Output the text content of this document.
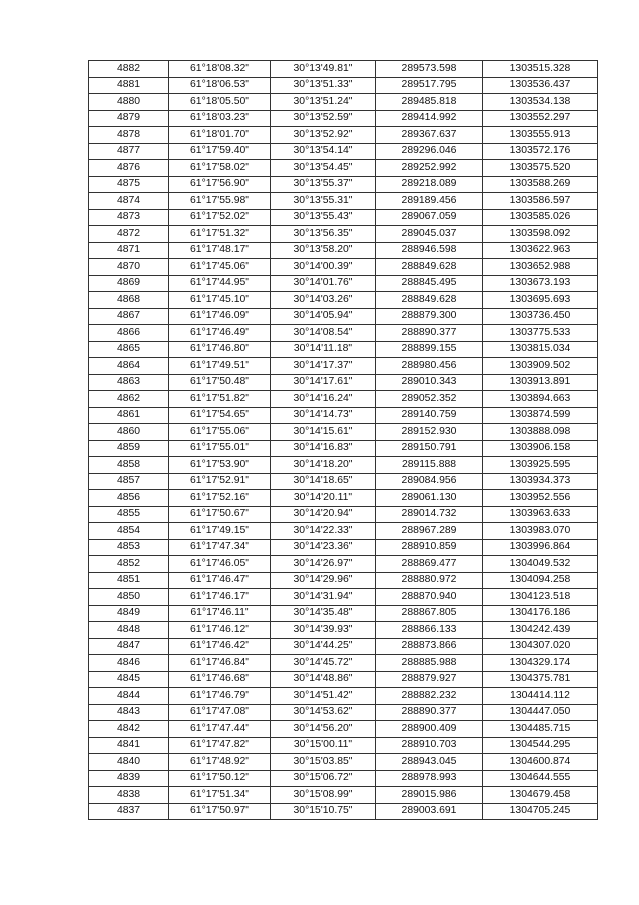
4882	61°18'08.32"	30°13'49.81"	289573.598	1303515.328
4881	61°18'06.53"	30°13'51.33"	289517.795	1303536.437
4880	61°18'05.50"	30°13'51.24"	289485.818	1303534.138
4879	61°18'03.23"	30°13'52.59"	289414.992	1303552.297
4878	61°18'01.70"	30°13'52.92"	289367.637	1303555.913
4877	61°17'59.40"	30°13'54.14"	289296.046	1303572.176
4876	61°17'58.02"	30°13'54.45"	289252.992	1303575.520
4875	61°17'56.90"	30°13'55.37"	289218.089	1303588.269
4874	61°17'55.98"	30°13'55.31"	289189.456	1303586.597
4873	61°17'52.02"	30°13'55.43"	289067.059	1303585.026
4872	61°17'51.32"	30°13'56.35"	289045.037	1303598.092
4871	61°17'48.17"	30°13'58.20"	288946.598	1303622.963
4870	61°17'45.06"	30°14'00.39"	288849.628	1303652.988
4869	61°17'44.95"	30°14'01.76"	288845.495	1303673.193
4868	61°17'45.10"	30°14'03.26"	288849.628	1303695.693
4867	61°17'46.09"	30°14'05.94"	288879.300	1303736.450
4866	61°17'46.49"	30°14'08.54"	288890.377	1303775.533
4865	61°17'46.80"	30°14'11.18"	288899.155	1303815.034
4864	61°17'49.51"	30°14'17.37"	288980.456	1303909.502
4863	61°17'50.48"	30°14'17.61"	289010.343	1303913.891
4862	61°17'51.82"	30°14'16.24"	289052.352	1303894.663
4861	61°17'54.65"	30°14'14.73"	289140.759	1303874.599
4860	61°17'55.06"	30°14'15.61"	289152.930	1303888.098
4859	61°17'55.01"	30°14'16.83"	289150.791	1303906.158
4858	61°17'53.90"	30°14'18.20"	289115.888	1303925.595
4857	61°17'52.91"	30°14'18.65"	289084.956	1303934.373
4856	61°17'52.16"	30°14'20.11"	289061.130	1303952.556
4855	61°17'50.67"	30°14'20.94"	289014.732	1303963.633
4854	61°17'49.15"	30°14'22.33"	288967.289	1303983.070
4853	61°17'47.34"	30°14'23.36"	288910.859	1303996.864
4852	61°17'46.05"	30°14'26.97"	288869.477	1304049.532
4851	61°17'46.47"	30°14'29.96"	288880.972	1304094.258
4850	61°17'46.17"	30°14'31.94"	288870.940	1304123.518
4849	61°17'46.11"	30°14'35.48"	288867.805	1304176.186
4848	61°17'46.12"	30°14'39.93"	288866.133	1304242.439
4847	61°17'46.42"	30°14'44.25"	288873.866	1304307.020
4846	61°17'46.84"	30°14'45.72"	288885.988	1304329.174
4845	61°17'46.68"	30°14'48.86"	288879.927	1304375.781
4844	61°17'46.79"	30°14'51.42"	288882.232	1304414.112
4843	61°17'47.08"	30°14'53.62"	288890.377	1304447.050
4842	61°17'47.44"	30°14'56.20"	288900.409	1304485.715
4841	61°17'47.82"	30°15'00.11"	288910.703	1304544.295
4840	61°17'48.92"	30°15'03.85"	288943.045	1304600.874
4839	61°17'50.12"	30°15'06.72"	288978.993	1304644.555
4838	61°17'51.34"	30°15'08.99"	289015.986	1304679.458
4837	61°17'50.97"	30°15'10.75"	289003.691	1304705.245
